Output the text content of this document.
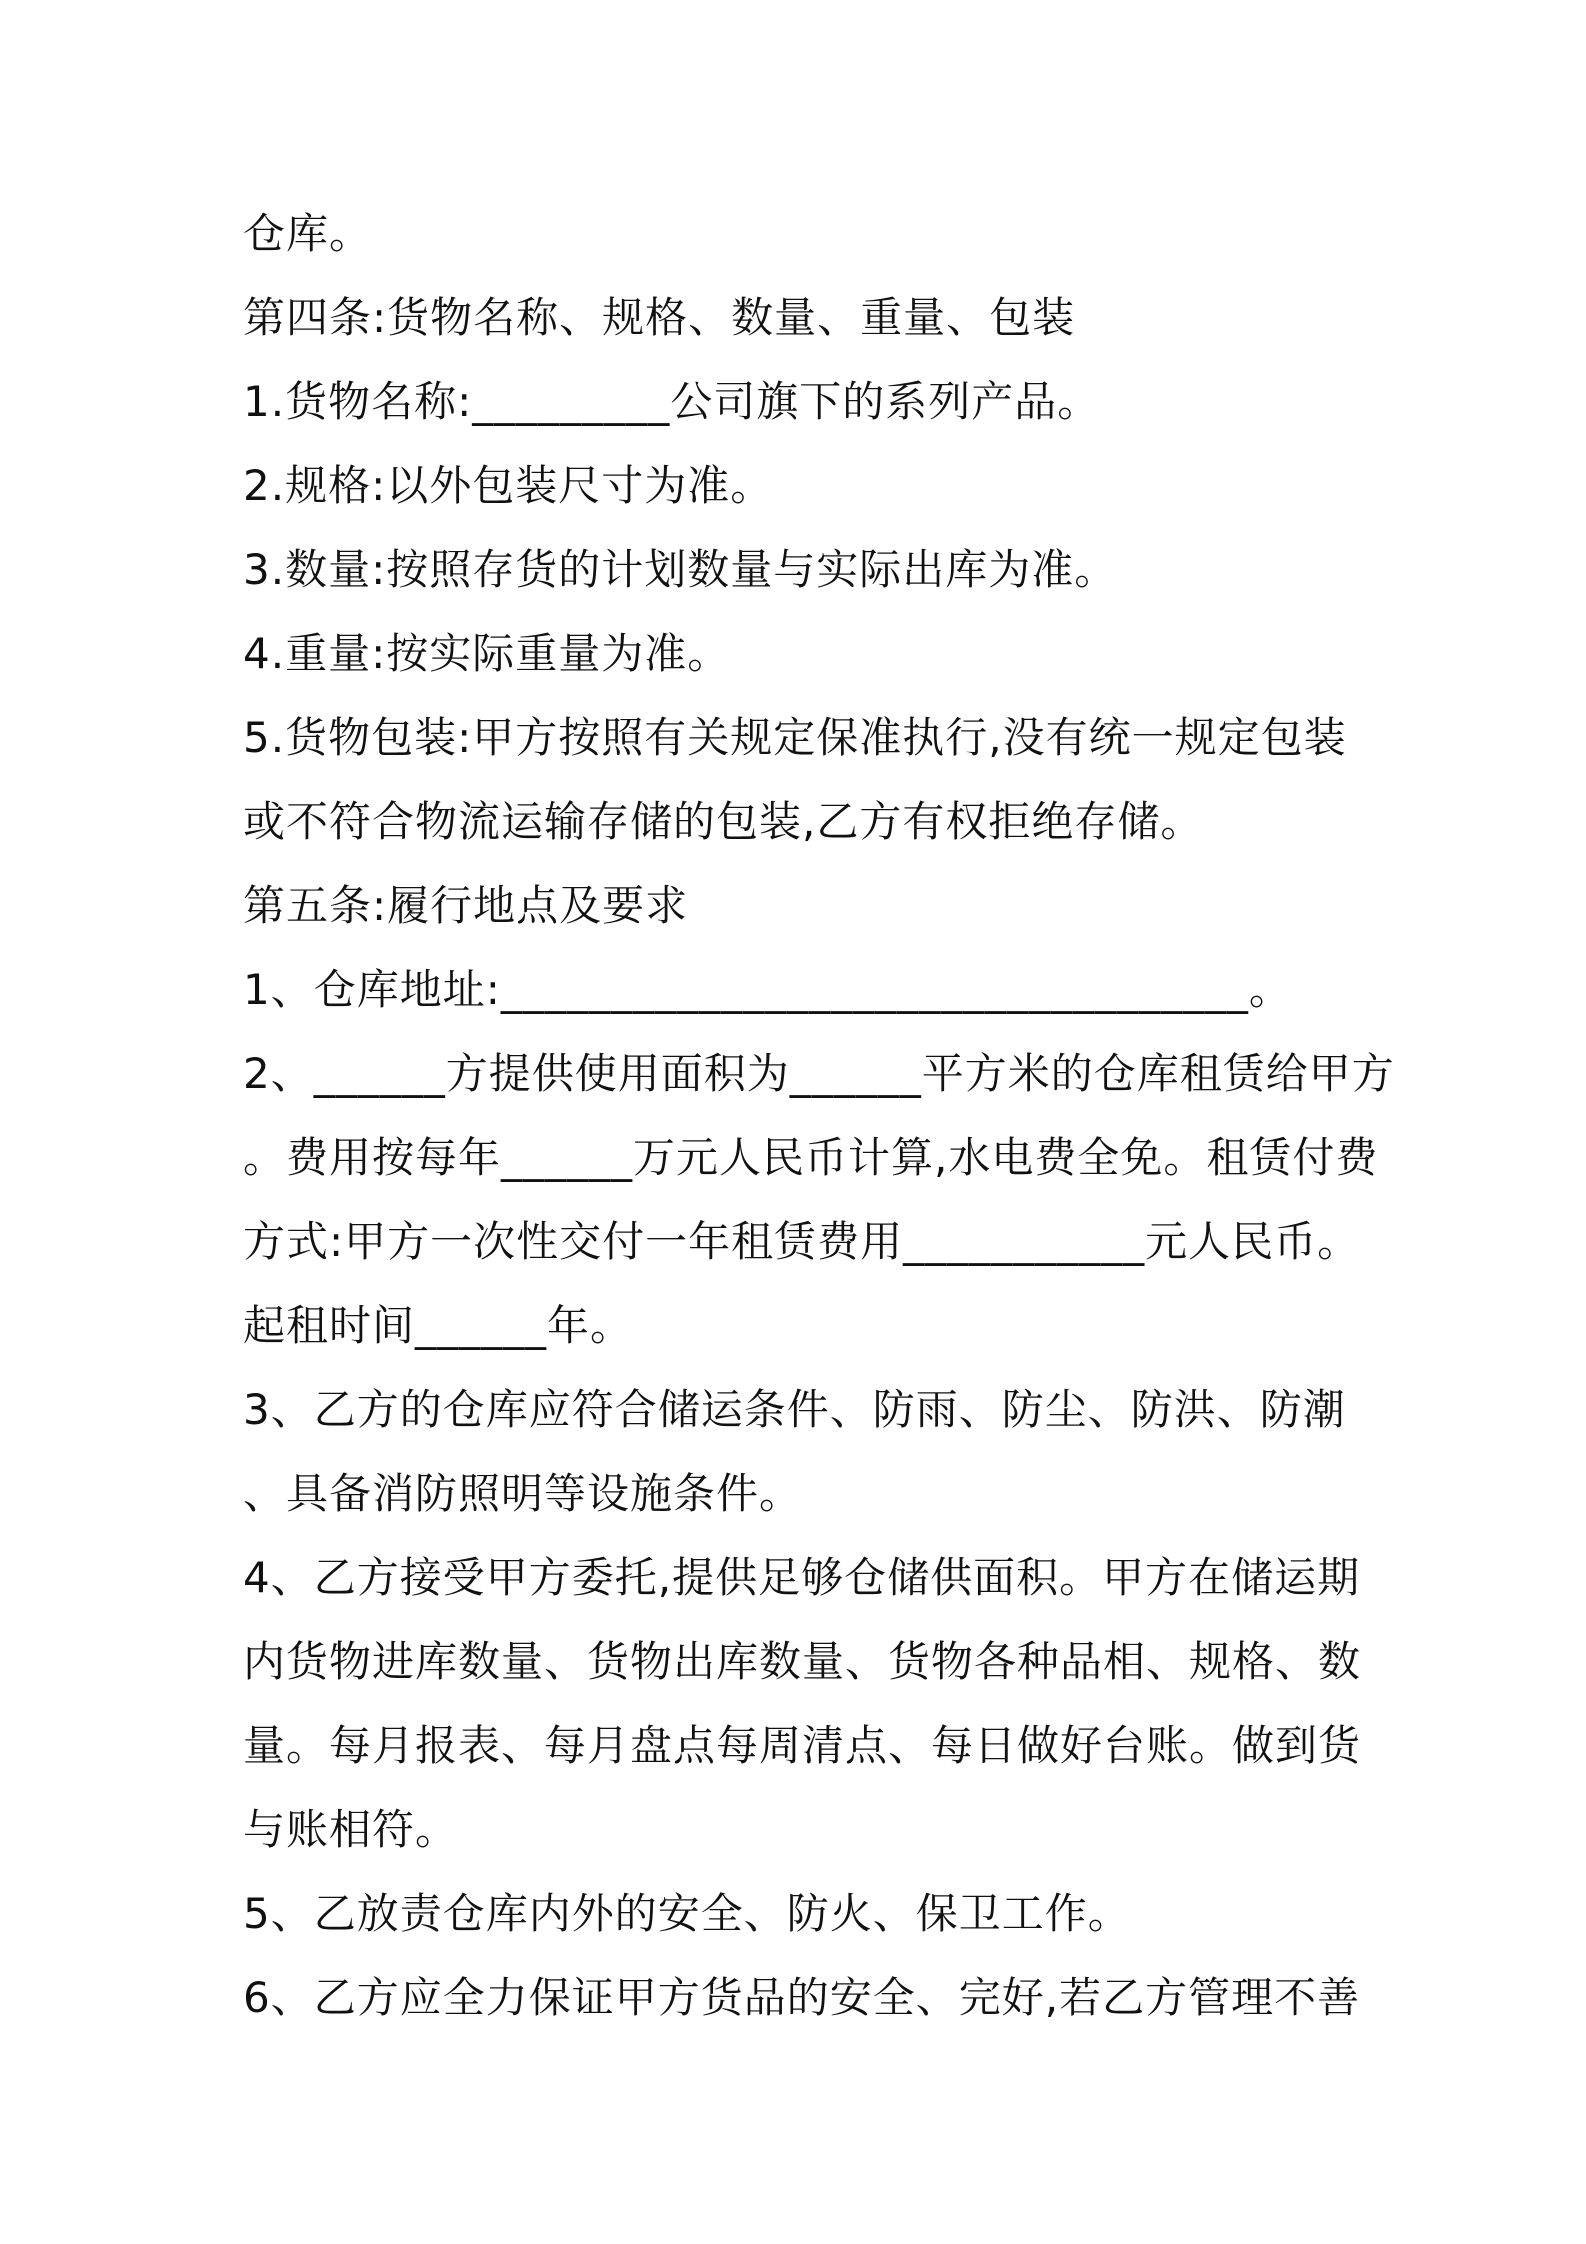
仓库。
第四条:货物名称、规格、数量、重量、包装
1.货物名称:_________公司旗下的系列产品。
2.规格:以外包装尺寸为准。
3.数量:按照存货的计划数量与实际出库为准。
4.重量:按实际重量为准。
5.货物包装:甲方按照有关规定保准执行,没有统一规定包装
或不符合物流运输存储的包装,乙方有权拒绝存储。
第五条:履行地点及要求
1、仓库地址:__________________________________。
2、______方提供使用面积为______平方米的仓库租赁给甲方
。费用按每年______万元人民币计算,水电费全免。租赁付费
方式:甲方一次性交付一年租赁费用___________元人民币。
起租时间______年。
3、乙方的仓库应符合储运条件、防雨、防尘、防洪、防潮
、具备消防照明等设施条件。
4、乙方接受甲方委托,提供足够仓储供面积。甲方在储运期
内货物进库数量、货物出库数量、货物各种品相、规格、数
量。每月报表、每月盘点每周清点、每日做好台账。做到货
与账相符。
5、乙放责仓库内外的安全、防火、保卫工作。
6、乙方应全力保证甲方货品的安全、完好,若乙方管理不善
